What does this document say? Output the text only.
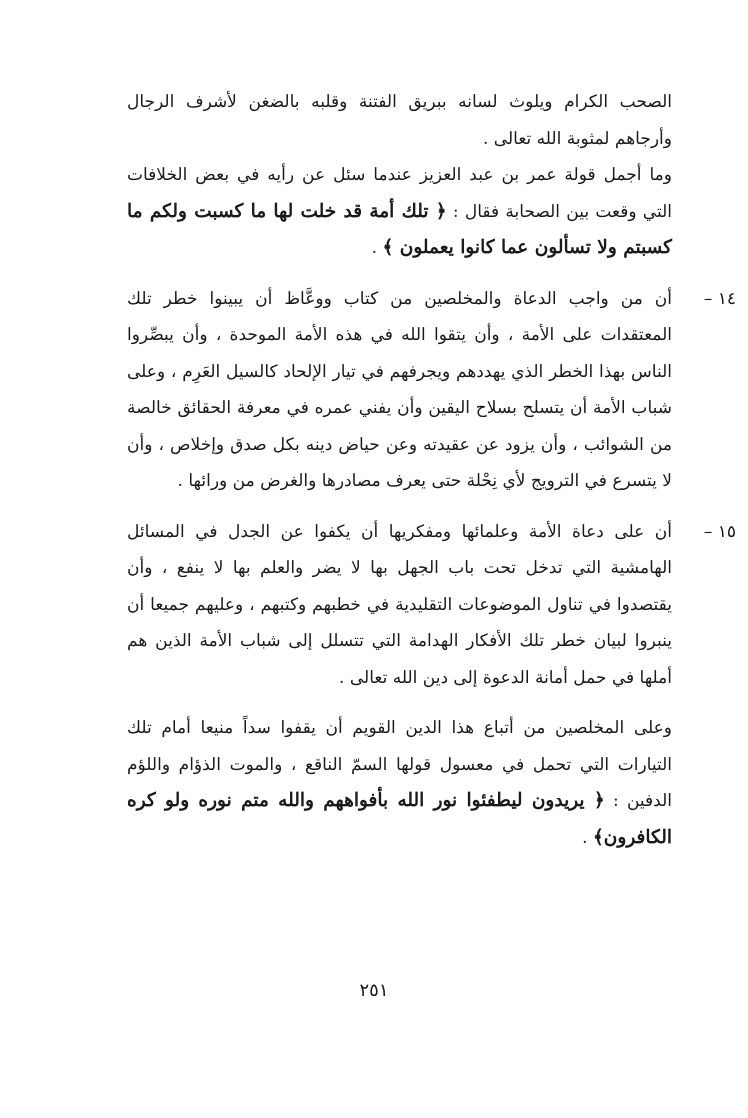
الصحب الكرام ويلوث لسانه ببريق الفتنة وقلبه بالضغن لأشرف الرجال وأرجاهم لمثوبة الله تعالى .

وما أجمل قولة عمر بن عبد العزيز عندما سئل عن رأيه في بعض الخلافات التي وقعت بين الصحابة فقال : ﴿ تلك أمة قد خلت لها ما كسبت ولكم ما كسبتم ولا تسألون عما كانوا يعملون ﴾ .

١٤ –

أن من واجب الدعاة والمخلصين من كتاب ووعَّاظ أن يبينوا خطر تلك المعتقدات على الأمة ، وأن يتقوا الله في هذه الأمة الموحدة ، وأن يبصِّروا الناس بهذا الخطر الذي يهددهم ويجرفهم في تيار الإلحاد كالسيل العَرِم ، وعلى شباب الأمة أن يتسلح بسلاح اليقين وأن يفني عمره في معرفة الحقائق خالصة من الشوائب ، وأن يزود عن عقيدته وعن حياض دينه بكل صدق وإخلاص ، وأن لا يتسرع في الترويج لأي نِحْلة حتى يعرف مصادرها والغرض من ورائها .

١٥ –

أن على دعاة الأمة وعلمائها ومفكريها أن يكفوا عن الجدل في المسائل الهامشية التي تدخل تحت باب الجهل بها لا يضر والعلم بها لا ينفع ، وأن يقتصدوا في تناول الموضوعات التقليدية في خطبهم وكتبهم ، وعليهم جميعا أن ينبروا لبيان خطر تلك الأفكار الهدامة التي تتسلل إلى شباب الأمة الذين هم أملها في حمل أمانة الدعوة إلى دين الله تعالى .

وعلى المخلصين من أتباع هذا الدين القويم أن يقفوا سداً منيعا أمام تلك التيارات التي تحمل في معسول قولها السمّ الناقع ، والموت الذؤام واللؤم الدفين : ﴿ يريدون ليطفئوا نور الله بأفواههم والله متم نوره ولو كره الكافرون﴾ .

٢٥١
